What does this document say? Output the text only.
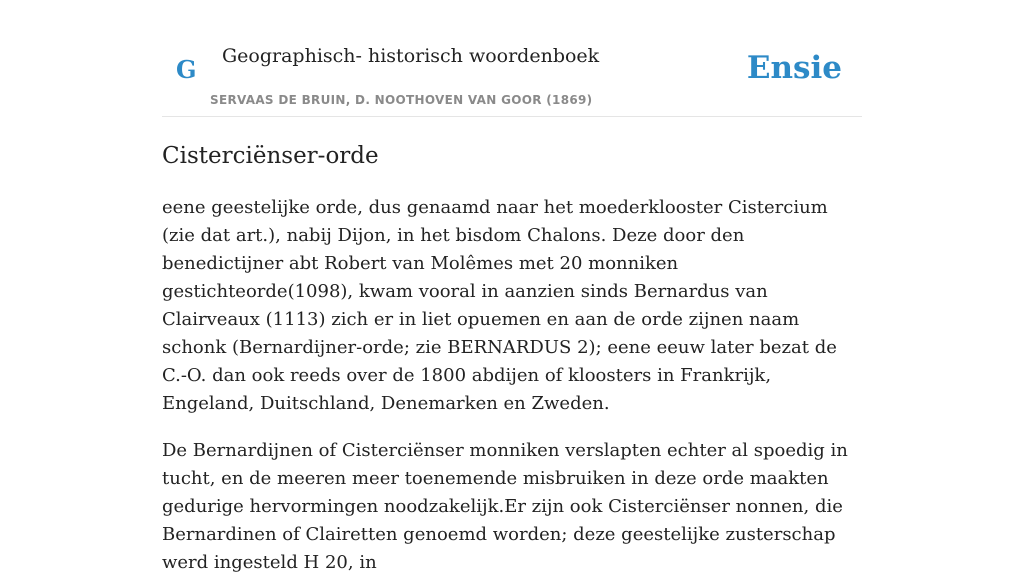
G Geographisch- historisch woordenboek
SERVAAS DE BRUIN, D. NOOTHOVEN VAN GOOR (1869)
Ensie
Cisterciënser-orde

eene geestelijke orde, dus genaamd naar het moederklooster Cistercium (zie dat art.), nabij Dijon, in het bisdom Chalons. Deze door den benedictijner abt Robert van Molêmes met 20 monniken gestichteorde(1098), kwam vooral in aanzien sinds Bernardus van Clairveaux (1113) zich er in liet opuemen en aan de orde zijnen naam schonk (Bernardijner-orde; zie BERNARDUS 2); eene eeuw later bezat de C.-O. dan ook reeds over de 1800 abdijen of kloosters in Frankrijk, Engeland, Duitschland, Denemarken en Zweden.

De Bernardijnen of Cisterciënser monniken verslapten echter al spoedig in tucht, en de meeren meer toenemende misbruiken in deze orde maakten gedurige hervormingen noodzakelijk.Er zijn ook Cisterciënser nonnen, die Bernardinen of Clairetten genoemd worden; deze geestelijke zusterschap werd ingesteld H 20, in
